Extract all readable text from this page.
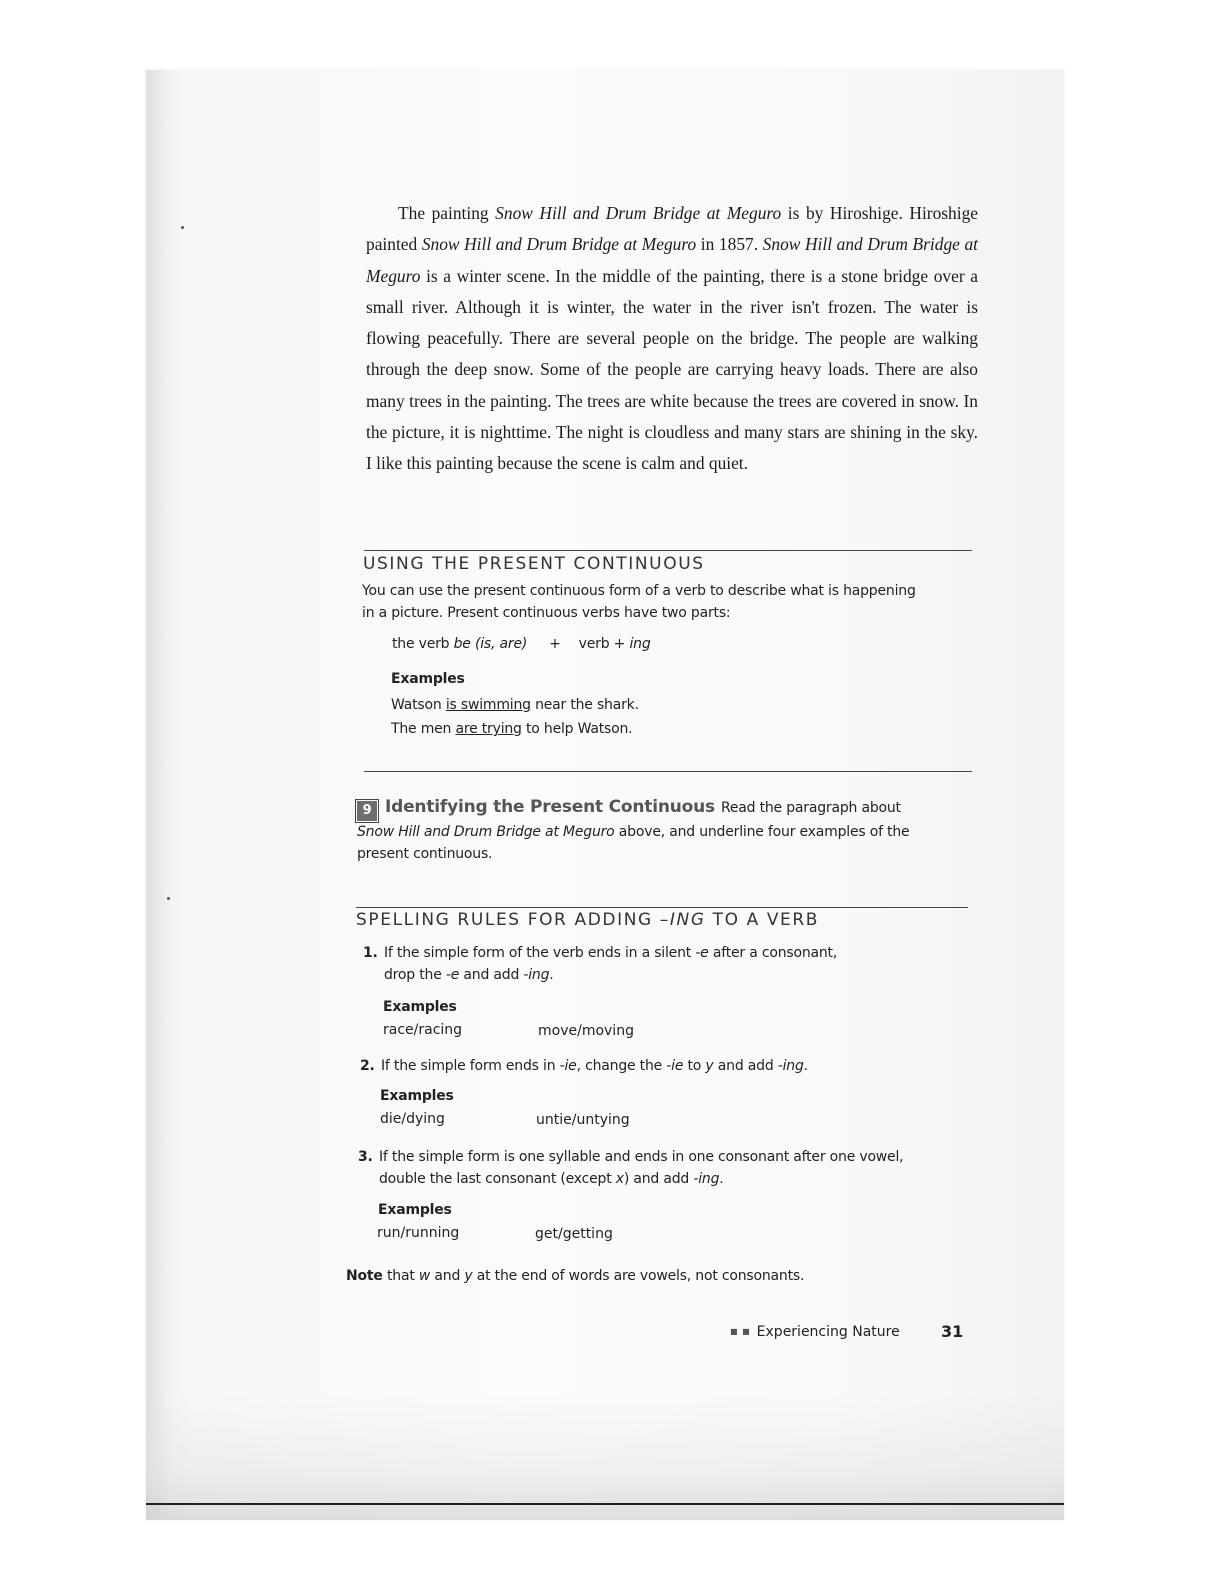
The painting Snow Hill and Drum Bridge at Meguro is by Hiroshige. Hiroshige painted Snow Hill and Drum Bridge at Meguro in 1857. Snow Hill and Drum Bridge at Meguro is a winter scene. In the middle of the painting, there is a stone bridge over a small river. Although it is winter, the water in the river isn't frozen. The water is flowing peacefully. There are several people on the bridge. The people are walking through the deep snow. Some of the people are carrying heavy loads. There are also many trees in the painting. The trees are white because the trees are covered in snow. In the picture, it is nighttime. The night is cloudless and many stars are shining in the sky. I like this painting because the scene is calm and quiet.

USING THE PRESENT CONTINUOUS

You can use the present continuous form of a verb to describe what is happening in a picture. Present continuous verbs have two parts:

the verb be (is, are) + verb + ing

Examples

Watson is swimming near the shark.

The men are trying to help Watson.

9 Identifying the Present Continuous Read the paragraph about Snow Hill and Drum Bridge at Meguro above, and underline four examples of the present continuous.

SPELLING RULES FOR ADDING –ING TO A VERB

1. If the simple form of the verb ends in a silent -e after a consonant, drop the -e and add -ing.

Examples

race/racing	move/moving

2. If the simple form ends in -ie, change the -ie to y and add -ing.

Examples

die/dying	untie/untying

3. If the simple form is one syllable and ends in one consonant after one vowel, double the last consonant (except x) and add -ing.

Examples

run/running	get/getting

Note that w and y at the end of words are vowels, not consonants.

■ ■ Experiencing Nature	31
